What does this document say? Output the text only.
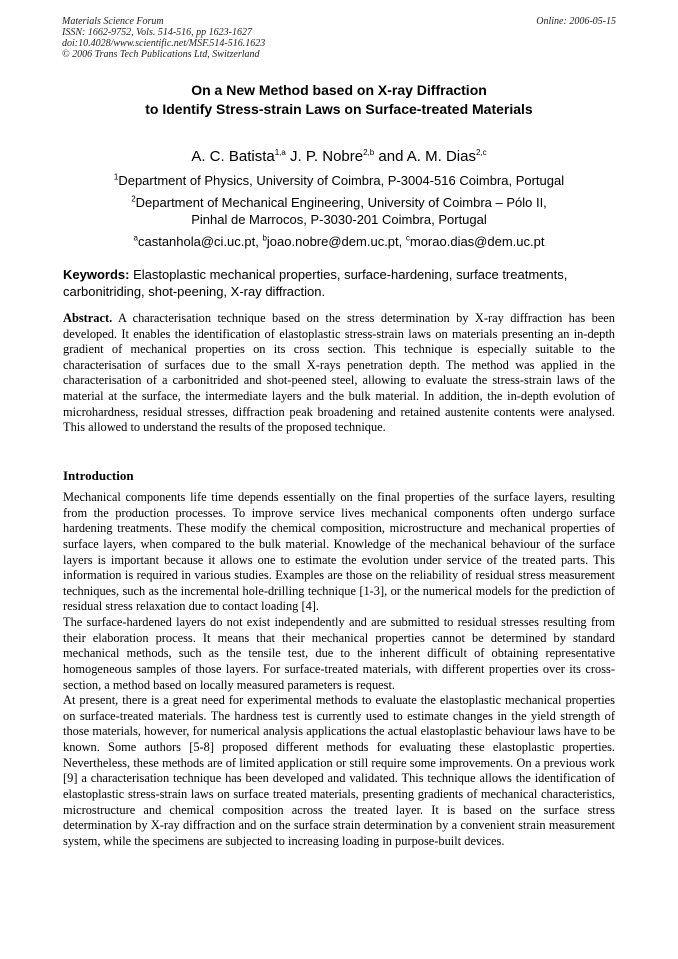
Materials Science Forum
ISSN: 1662-9752, Vols. 514-516, pp 1623-1627
doi:10.4028/www.scientific.net/MSF.514-516.1623
© 2006 Trans Tech Publications Ltd, Switzerland
Online: 2006-05-15
On a New Method based on X-ray Diffraction
to Identify Stress-strain Laws on Surface-treated Materials
A. C. Batista$^{1,a}$ J. P. Nobre$^{2,b}$ and A. M. Dias$^{2,c}$
$^1$Department of Physics, University of Coimbra, P-3004-516 Coimbra, Portugal
$^2$Department of Mechanical Engineering, University of Coimbra – Pólo II,
Pinhal de Marrocos, P-3030-201 Coimbra, Portugal
$^a$castanhola@ci.uc.pt, $^b$joao.nobre@dem.uc.pt, $^c$morao.dias@dem.uc.pt
Keywords: Elastoplastic mechanical properties, surface-hardening, surface treatments, carbonitriding, shot-peening, X-ray diffraction.
Abstract. A characterisation technique based on the stress determination by X-ray diffraction has been developed. It enables the identification of elastoplastic stress-strain laws on materials presenting an in-depth gradient of mechanical properties on its cross section. This technique is especially suitable to the characterisation of surfaces due to the small X-rays penetration depth. The method was applied in the characterisation of a carbonitrided and shot-peened steel, allowing to evaluate the stress-strain laws of the material at the surface, the intermediate layers and the bulk material. In addition, the in-depth evolution of microhardness, residual stresses, diffraction peak broadening and retained austenite contents were analysed. This allowed to understand the results of the proposed technique.
Introduction

Mechanical components life time depends essentially on the final properties of the surface layers, resulting from the production processes. To improve service lives mechanical components often undergo surface hardening treatments. These modify the chemical composition, microstructure and mechanical properties of surface layers, when compared to the bulk material. Knowledge of the mechanical behaviour of the surface layers is important because it allows one to estimate the evolution under service of the treated parts. This information is required in various studies. Examples are those on the reliability of residual stress measurement techniques, such as the incremental hole-drilling technique [1-3], or the numerical models for the prediction of residual stress relaxation due to contact loading [4].

The surface-hardened layers do not exist independently and are submitted to residual stresses resulting from their elaboration process. It means that their mechanical properties cannot be determined by standard mechanical methods, such as the tensile test, due to the inherent difficult of obtaining representative homogeneous samples of those layers. For surface-treated materials, with different properties over its cross-section, a method based on locally measured parameters is request.

At present, there is a great need for experimental methods to evaluate the elastoplastic mechanical properties on surface-treated materials. The hardness test is currently used to estimate changes in the yield strength of those materials, however, for numerical analysis applications the actual elastoplastic behaviour laws have to be known. Some authors [5-8] proposed different methods for evaluating these elastoplastic properties. Nevertheless, these methods are of limited application or still require some improvements. On a previous work [9] a characterisation technique has been developed and validated. This technique allows the identification of elastoplastic stress-strain laws on surface treated materials, presenting gradients of mechanical characteristics, microstructure and chemical composition across the treated layer. It is based on the surface stress determination by X-ray diffraction and on the surface strain determination by a convenient strain measurement system, while the specimens are subjected to increasing loading in purpose-built devices.
